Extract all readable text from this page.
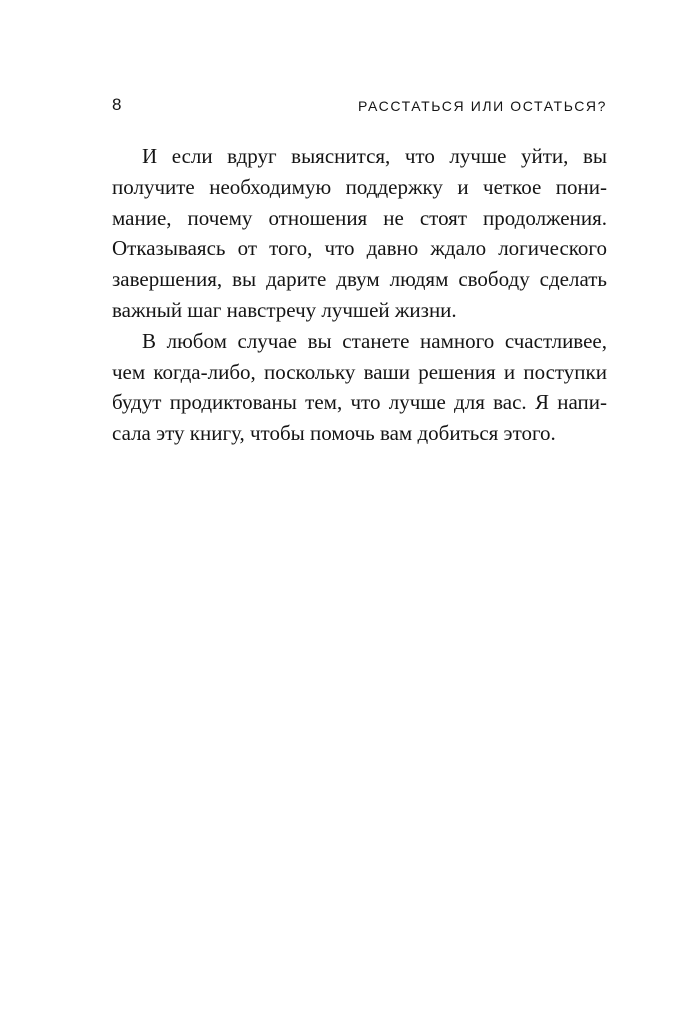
8	РАССТАТЬСЯ ИЛИ ОСТАТЬСЯ?
И если вдруг выяснится, что лучше уйти, вы
получите необходимую поддержку и четкое пони-
мание, почему отношения не стоят продолжения.
Отказываясь от того, что давно ждало логического
завершения, вы дарите двум людям свободу сделать
важный шаг навстречу лучшей жизни.
В любом случае вы станете намного счастливее,
чем когда-либо, поскольку ваши решения и поступки
будут продиктованы тем, что лучше для вас. Я напи-
сала эту книгу, чтобы помочь вам добиться этого.
